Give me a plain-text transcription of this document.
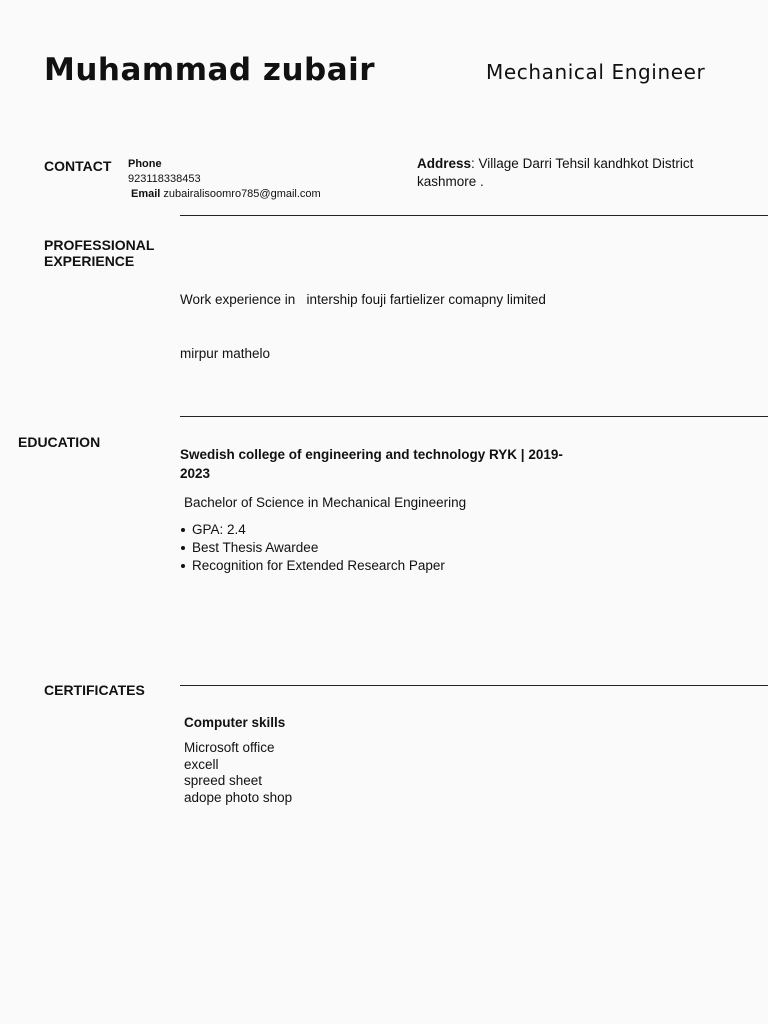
Muhammad zubair	Mechanical Engineer
CONTACT Phone
923118338453
Email zubairalisoomro785@gmail.com
Address: Village Darri Tehsil kandhkot District kashmore .
PROFESSIONAL
EXPERIENCE

Work experience in   intership fouji fartielizer comapny limited

mirpur mathelo

EDUCATION
Swedish college of engineering and technology RYK | 2019-
2023
Bachelor of Science in Mechanical Engineering
GPA: 2.4
Best Thesis Awardee
Recognition for Extended Research Paper
CERTIFICATES
Computer skills
Microsoft office
excell
spreed sheet
adope photo shop
